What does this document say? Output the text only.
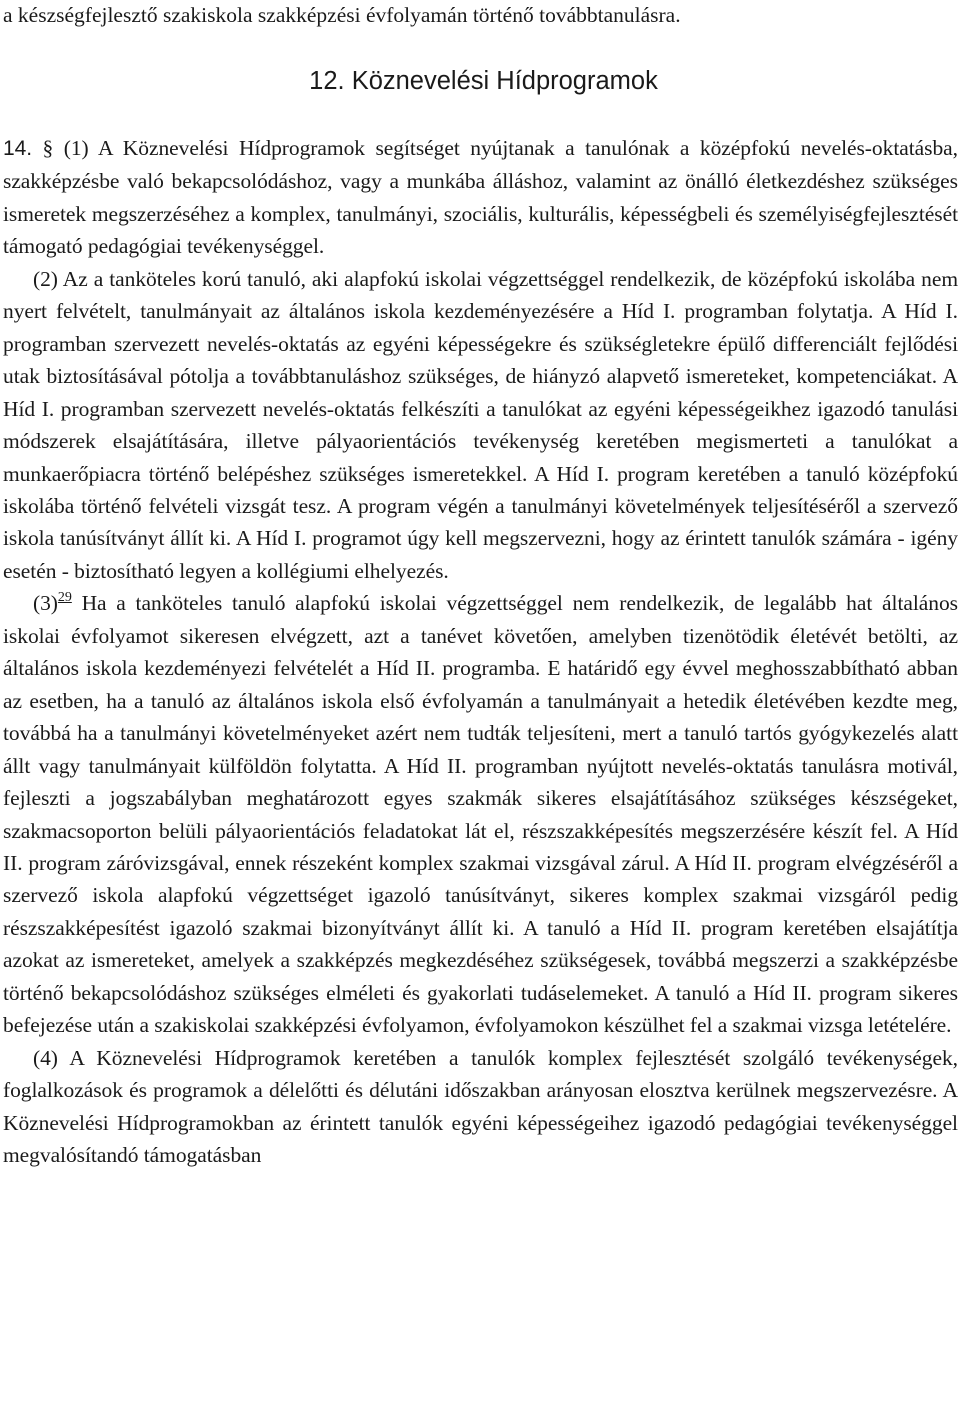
a készségfejlesztő szakiskola szakképzési évfolyamán történő továbbtanulásra.
12. Köznevelési Hídprogramok

14. § (1) A Köznevelési Hídprogramok segítséget nyújtanak a tanulónak a középfokú nevelés-oktatásba, szakképzésbe való bekapcsolódáshoz, vagy a munkába álláshoz, valamint az önálló életkezdéshez szükséges ismeretek megszerzéséhez a komplex, tanulmányi, szociális, kulturális, képességbeli és személyiségfejlesztését támogató pedagógiai tevékenységgel.

(2) Az a tanköteles korú tanuló, aki alapfokú iskolai végzettséggel rendelkezik, de középfokú iskolába nem nyert felvételt, tanulmányait az általános iskola kezdeményezésére a Híd I. programban folytatja. A Híd I. programban szervezett nevelés-oktatás az egyéni képességekre és szükségletekre épülő differenciált fejlődési utak biztosításával pótolja a továbbtanuláshoz szükséges, de hiányzó alapvető ismereteket, kompetenciákat. A Híd I. programban szervezett nevelés-oktatás felkészíti a tanulókat az egyéni képességeikhez igazodó tanulási módszerek elsajátítására, illetve pályaorientációs tevékenység keretében megismerteti a tanulókat a munkaerőpiacra történő belépéshez szükséges ismeretekkel. A Híd I. program keretében a tanuló középfokú iskolába történő felvételi vizsgát tesz. A program végén a tanulmányi követelmények teljesítéséről a szervező iskola tanúsítványt állít ki. A Híd I. programot úgy kell megszervezni, hogy az érintett tanulók számára - igény esetén - biztosítható legyen a kollégiumi elhelyezés.

(3)$^{29}$ Ha a tanköteles tanuló alapfokú iskolai végzettséggel nem rendelkezik, de legalább hat általános iskolai évfolyamot sikeresen elvégzett, azt a tanévet követően, amelyben tizenötödik életévét betölti, az általános iskola kezdeményezi felvételét a Híd II. programba. E határidő egy évvel meghosszabbítható abban az esetben, ha a tanuló az általános iskola első évfolyamán a tanulmányait a hetedik életévében kezdte meg, továbbá ha a tanulmányi követelményeket azért nem tudták teljesíteni, mert a tanuló tartós gyógykezelés alatt állt vagy tanulmányait külföldön folytatta. A Híd II. programban nyújtott nevelés-oktatás tanulásra motivál, fejleszti a jogszabályban meghatározott egyes szakmák sikeres elsajátításához szükséges készségeket, szakmacsoporton belüli pályaorientációs feladatokat lát el, részszakképesítés megszerzésére készít fel. A Híd II. program záróvizsgával, ennek részeként komplex szakmai vizsgával zárul. A Híd II. program elvégzéséről a szervező iskola alapfokú végzettséget igazoló tanúsítványt, sikeres komplex szakmai vizsgáról pedig részszakképesítést igazoló szakmai bizonyítványt állít ki. A tanuló a Híd II. program keretében elsajátítja azokat az ismereteket, amelyek a szakképzés megkezdéséhez szükségesek, továbbá megszerzi a szakképzésbe történő bekapcsolódáshoz szükséges elméleti és gyakorlati tudáselemeket. A tanuló a Híd II. program sikeres befejezése után a szakiskolai szakképzési évfolyamon, évfolyamokon készülhet fel a szakmai vizsga letételére.

(4) A Köznevelési Hídprogramok keretében a tanulók komplex fejlesztését szolgáló tevékenységek, foglalkozások és programok a délelőtti és délutáni időszakban arányosan elosztva kerülnek megszervezésre. A Köznevelési Hídprogramokban az érintett tanulók egyéni képességeihez igazodó pedagógiai tevékenységgel megvalósítandó támogatásban
